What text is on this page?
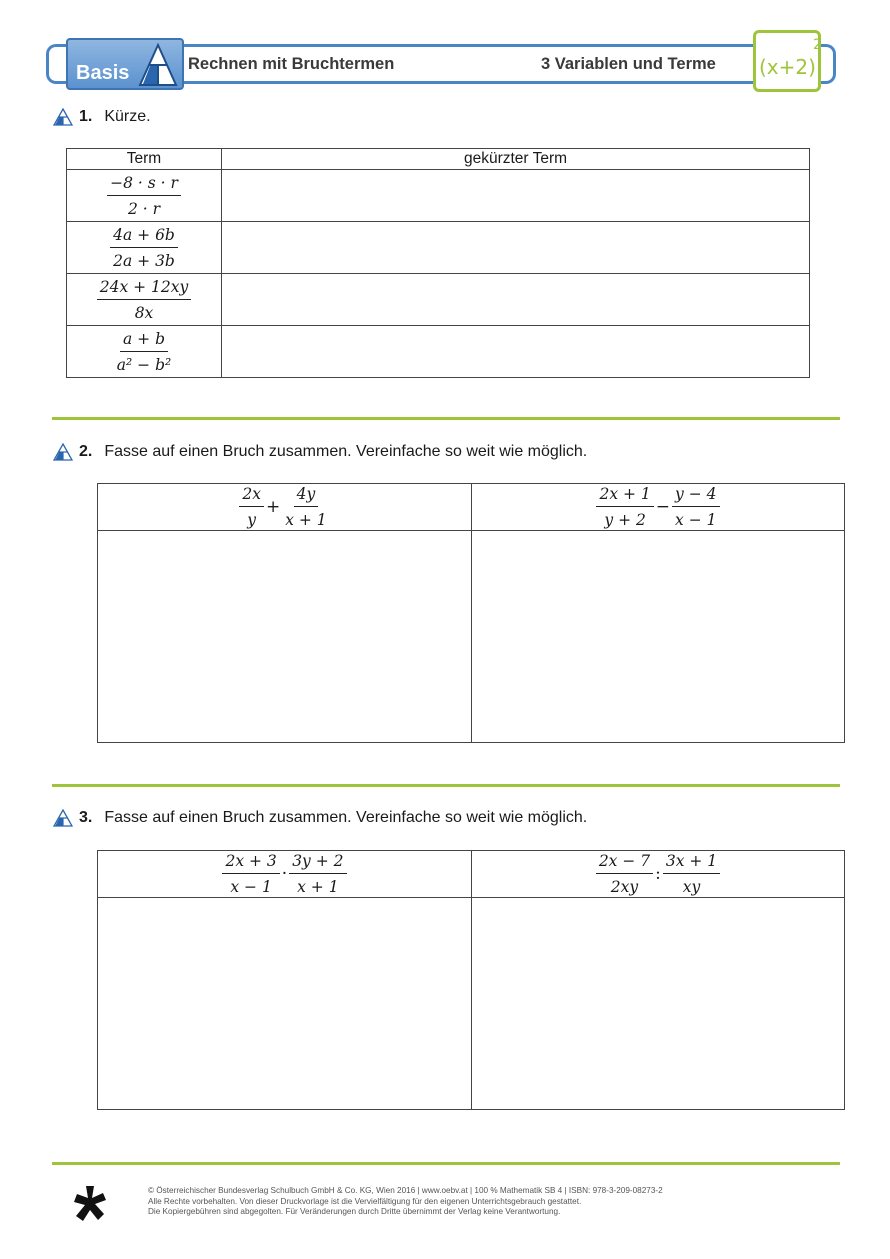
Basis	Rechnen mit Bruchtermen	3 Variablen und Terme (x+2)
2
1. Kürze.
Term	gekürzter Term

$\frac{-8 \cdot s \cdot r}{2 \cdot r}$

$\frac{4a + 6b}{2a + 3b}$

$\frac{24x + 12xy}{8x}$

$\frac{a + b}{\text{a² − b²}}$

2. Fasse auf einen Bruch zusammen. Vereinfache so weit wie möglich.
$\frac{2x}{y} + \frac{4y}{x + 1}$	$\frac{2x + 1}{y + 2} - \frac{y - 4}{x - 1}$

3. Fasse auf einen Bruch zusammen. Vereinfache so weit wie möglich.
$\frac{2x + 3}{x - 1} \cdot \frac{3y + 2}{x + 1}$	$\frac{2x - 7}{2xy}$ : $\frac{3x + 1}{xy}$

© Österreichischer Bundesverlag Schulbuch GmbH & Co. KG, Wien 2016 | www.oebv.at | 100 % Mathematik SB 4 | ISBN: 978-3-209-08273-2
Alle Rechte vorbehalten. Von dieser Druckvorlage ist die Vervielfältigung für den eigenen Unterrichtsgebrauch gestattet.
Die Kopiergebühren sind abgegolten. Für Veränderungen durch Dritte übernimmt der Verlag keine Verantwortung.
